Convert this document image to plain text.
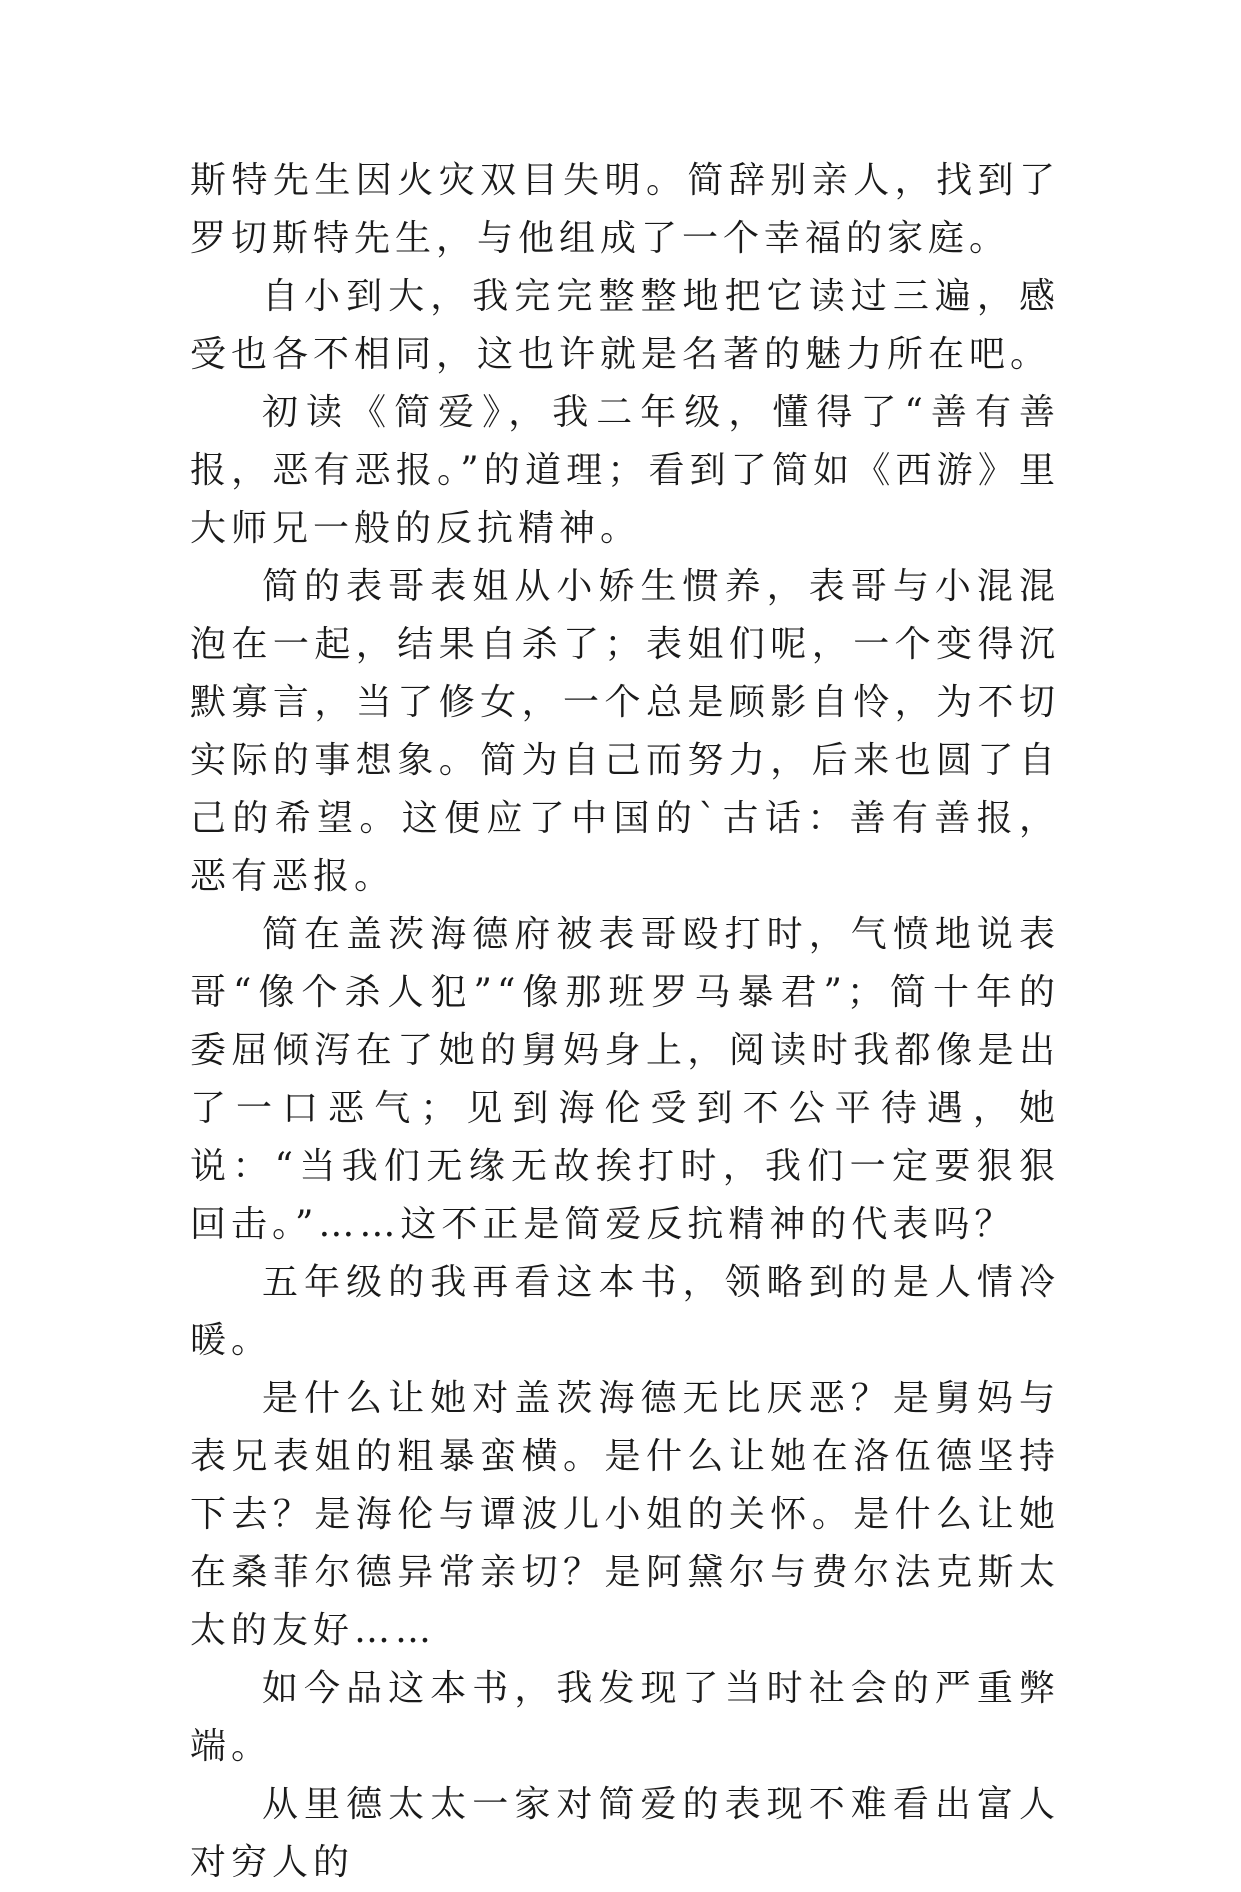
斯特先生因火灾双目失明。简辞别亲人，找到了罗切斯特先生，与他组成了一个幸福的家庭。

自小到大，我完完整整地把它读过三遍，感受也各不相同，这也许就是名著的魅力所在吧。

初读《简爱》，我二年级，懂得了“善有善报，恶有恶报。”的道理；看到了简如《西游》里大师兄一般的反抗精神。

简的表哥表姐从小娇生惯养，表哥与小混混泡在一起，结果自杀了；表姐们呢，一个变得沉默寡言，当了修女，一个总是顾影自怜，为不切实际的事想象。简为自己而努力，后来也圆了自己的希望。这便应了中国的`古话：善有善报，恶有恶报。

简在盖茨海德府被表哥殴打时，气愤地说表哥“像个杀人犯”“像那班罗马暴君”；简十年的委屈倾泻在了她的舅妈身上，阅读时我都像是出了一口恶气；见到海伦受到不公平待遇，她说：“当我们无缘无故挨打时，我们一定要狠狠回击。”……这不正是简爱反抗精神的代表吗？

五年级的我再看这本书，领略到的是人情冷暖。

是什么让她对盖茨海德无比厌恶？是舅妈与表兄表姐的粗暴蛮横。是什么让她在洛伍德坚持下去？是海伦与谭波儿小姐的关怀。是什么让她在桑菲尔德异常亲切？是阿黛尔与费尔法克斯太太的友好……

如今品这本书，我发现了当时社会的严重弊端。

从里德太太一家对简爱的表现不难看出富人对穷人的
